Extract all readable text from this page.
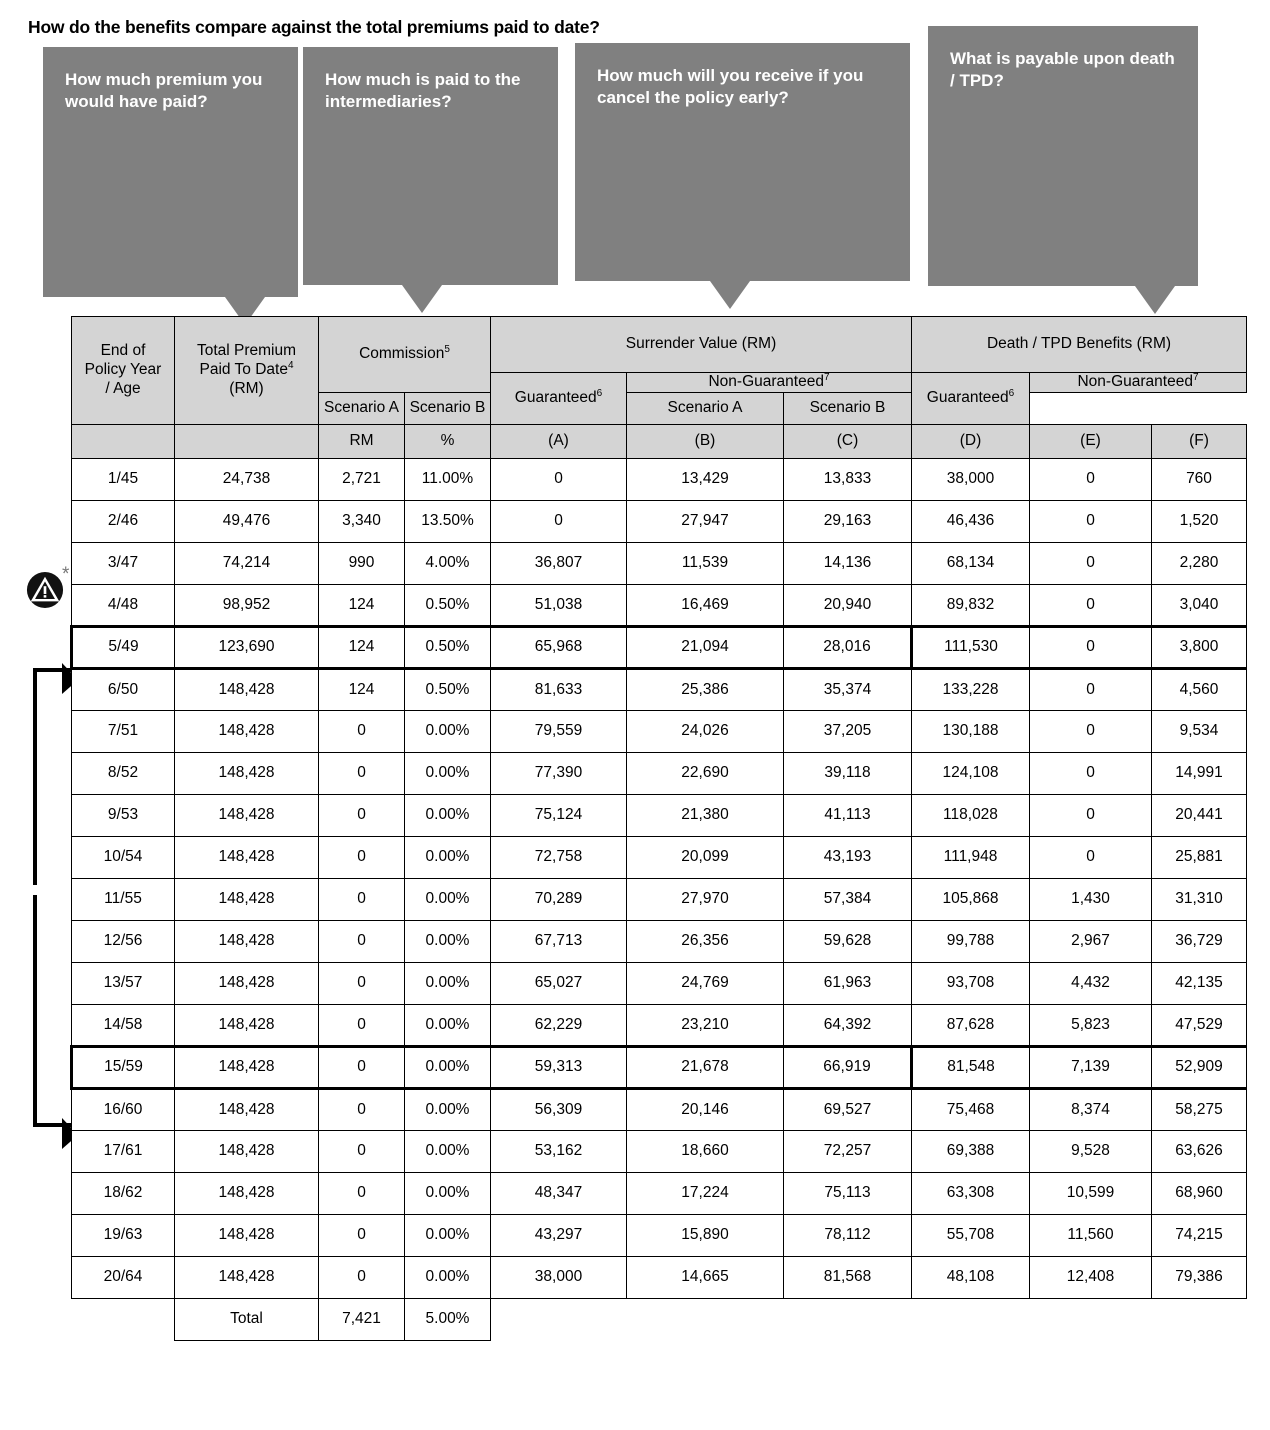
How do the benefits compare against the total premiums paid to date?
How much premium you would have paid?
How much is paid to the intermediaries?
How much will you receive if you cancel the policy early?
What is payable upon death / TPD?
*
End of
Policy Year
/ Age	Total Premium
Paid To Date$^4$
(RM)	Commission$^5$		Surrender Value (RM)			Death / TPD Benefits (RM)		
				Guaranteed$^6$	Non-Guaranteed$^7$		Guaranteed$^6$	Non-Guaranteed$^7$
		Scenario A	Scenario B		Scenario A	Scenario B			
		RM	%	(A)	(B)	(C)	(D)	(E)	(F)
1/45	24,738	2,721	11.00%	0	13,429	13,833	38,000	0	760
2/46	49,476	3,340	13.50%	0	27,947	29,163	46,436	0	1,520
3/47	74,214	990	4.00%	36,807	11,539	14,136	68,134	0	2,280
4/48	98,952	124	0.50%	51,038	16,469	20,940	89,832	0	3,040
5/49	123,690	124	0.50%	65,968	21,094	28,016	111,530	0	3,800
6/50	148,428	124	0.50%	81,633	25,386	35,374	133,228	0	4,560
7/51	148,428	0	0.00%	79,559	24,026	37,205	130,188	0	9,534
8/52	148,428	0	0.00%	77,390	22,690	39,118	124,108	0	14,991
9/53	148,428	0	0.00%	75,124	21,380	41,113	118,028	0	20,441
10/54	148,428	0	0.00%	72,758	20,099	43,193	111,948	0	25,881
11/55	148,428	0	0.00%	70,289	27,970	57,384	105,868	1,430	31,310
12/56	148,428	0	0.00%	67,713	26,356	59,628	99,788	2,967	36,729
13/57	148,428	0	0.00%	65,027	24,769	61,963	93,708	4,432	42,135
14/58	148,428	0	0.00%	62,229	23,210	64,392	87,628	5,823	47,529
15/59	148,428	0	0.00%	59,313	21,678	66,919	81,548	7,139	52,909
16/60	148,428	0	0.00%	56,309	20,146	69,527	75,468	8,374	58,275
17/61	148,428	0	0.00%	53,162	18,660	72,257	69,388	9,528	63,626
18/62	148,428	0	0.00%	48,347	17,224	75,113	63,308	10,599	68,960
19/63	148,428	0	0.00%	43,297	15,890	78,112	55,708	11,560	74,215
20/64	148,428	0	0.00%	38,000	14,665	81,568	48,108	12,408	79,386
	Total	7,421	5.00%						
